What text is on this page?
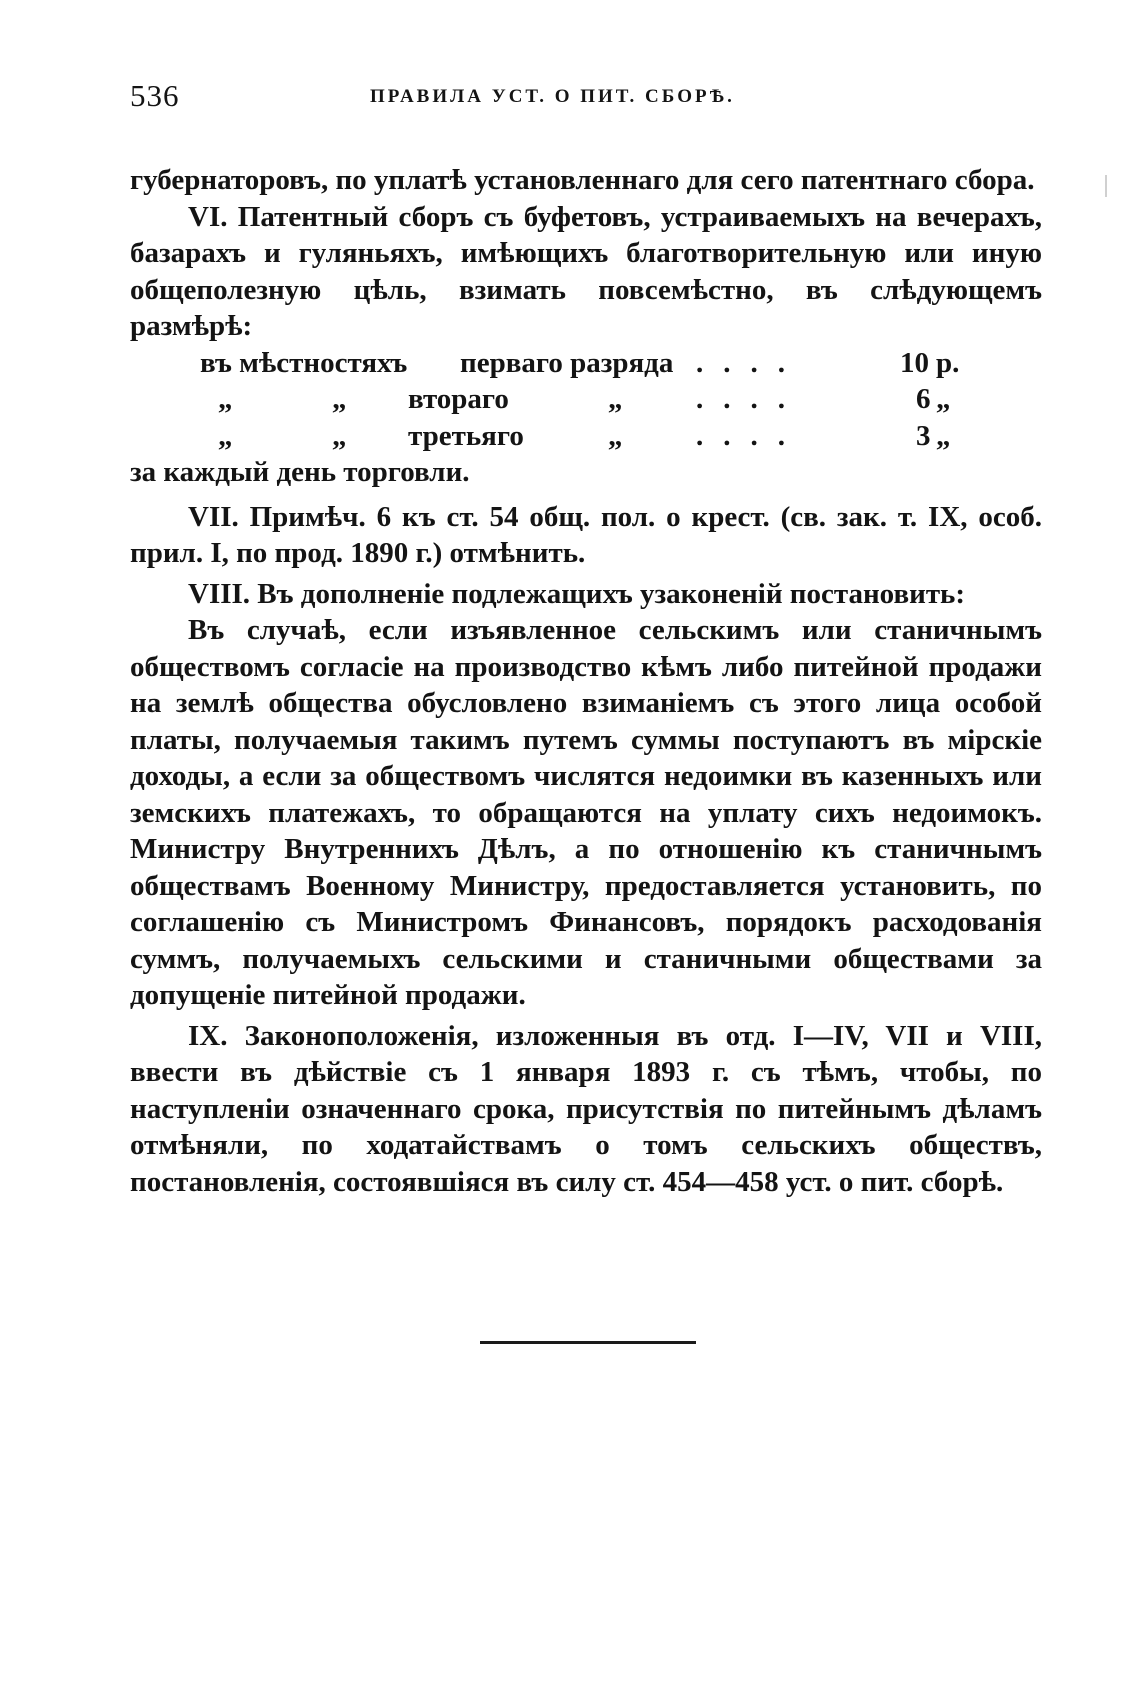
536	ПРАВИЛА УСТ. О ПИТ. СБОРѢ.

губернаторовъ, по уплатѣ установленнаго для сего патентнаго сбора.

VI. Патентный сборъ съ буфетовъ, устраиваемыхъ на вечерахъ, базарахъ и гуляньяхъ, имѣющихъ благотворительную или иную общеполезную цѣль, взимать повсемѣстно, въ слѣдующемъ размѣрѣ:

въ мѣстностяхъ перваго разряда ....	10 р.
„	„ втораго	„	....	6 „
„	„ третьяго	„	....	3 „

за каждый день торговли.

VII. Примѣч. 6 къ ст. 54 общ. пол. о крест. (св. зак. т. IX, особ. прил. I, по прод. 1890 г.) отмѣнить.

VIII. Въ дополненіе подлежащихъ узаконеній постановить:

Въ случаѣ, если изъявленное сельскимъ или станичнымъ обществомъ согласіе на производство кѣмъ либо питейной продажи на землѣ общества обусловлено взиманіемъ съ этого лица особой платы, получаемыя такимъ путемъ суммы поступаютъ въ мірскіе доходы, а если за обществомъ числятся недоимки въ казенныхъ или земскихъ платежахъ, то обращаются на уплату сихъ недоимокъ. Министру Внутреннихъ Дѣлъ, а по отношенію къ станичнымъ обществамъ Военному Министру, предоставляется установить, по соглашенію съ Министромъ Финансовъ, порядокъ расходованія суммъ, получаемыхъ сельскими и станичными обществами за допущеніе питейной продажи.

IX. Законоположенія, изложенныя въ отд. I—IV, VII и VIII, ввести въ дѣйствіе съ 1 января 1893 г. съ тѣмъ, чтобы, по наступленіи означеннаго срока, присутствія по питейнымъ дѣламъ отмѣняли, по ходатайствамъ о томъ сельскихъ обществъ, постановленія, состоявшіяся въ силу ст. 454—458 уст. о пит. сборѣ.
